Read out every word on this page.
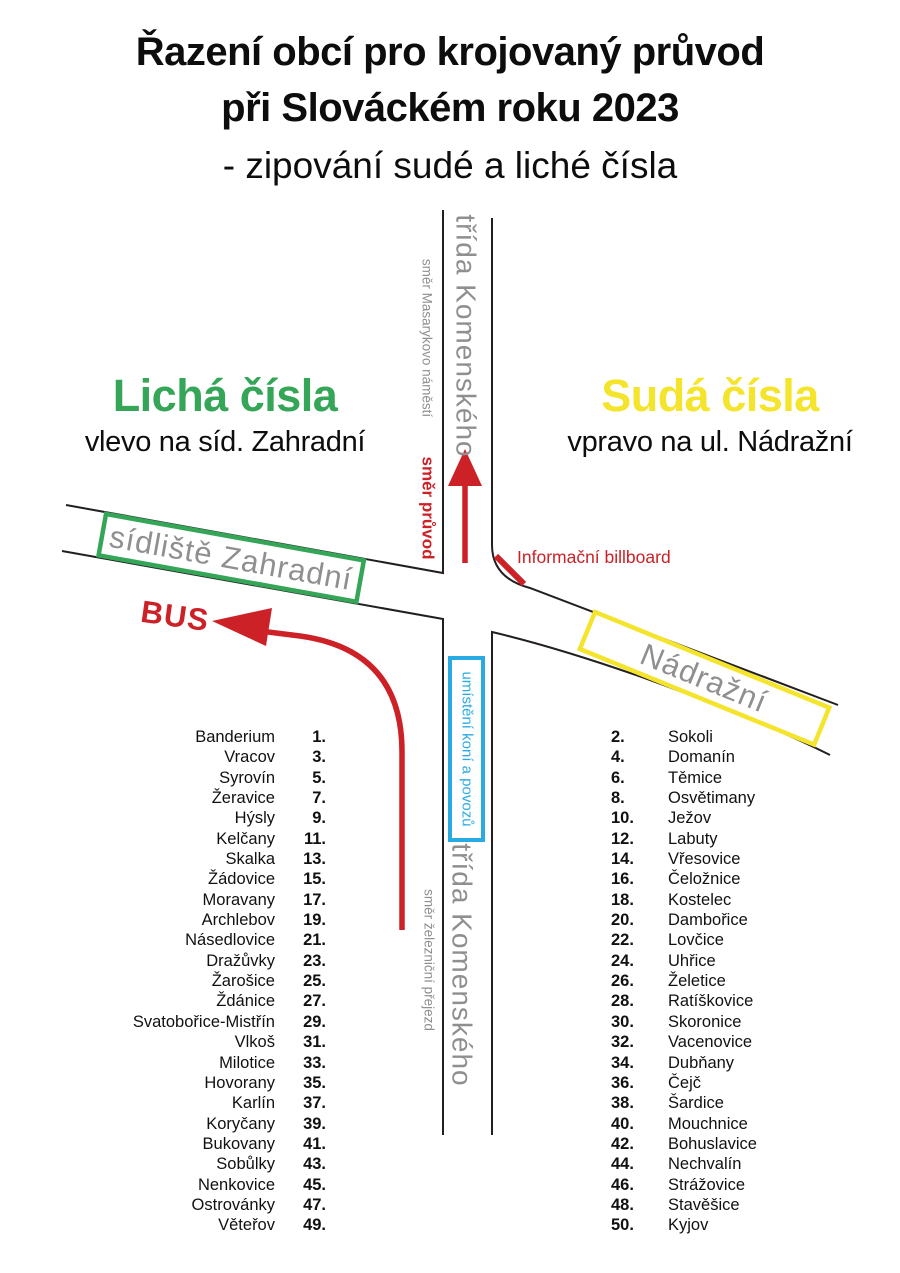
Řazení obcí pro krojovaný průvod
při Slováckém roku 2023
- zipování sudé a liché čísla
Lichá čísla
vlevo na síd. Zahradní
Sudá čísla
vpravo na ul. Nádražní
třída Komenského
směr Masarykovo náměstí
směr průvod	Informační billboard
sídliště Zahradní
BUS
Nádražní
umístění koní a povozů
třída Komenského
směr železniční přejezd
Banderium	1.
Vracov	3.
Syrovín	5.
Žeravice	7.
Hýsly	9.
Kelčany	11.
Skalka	13.
Žádovice	15.
Moravany	17.
Archlebov	19.
Násedlovice	21.
Dražůvky	23.
Žarošice	25.
Ždánice	27.
Svatobořice-Mistřín	29.
Vlkoš	31.
Milotice	33.
Hovorany	35.
Karlín	37.
Koryčany	39.
Bukovany	41.
Sobůlky	43.
Nenkovice	45.
Ostrovánky	47.
Věteřov	49.
2.	Sokoli
4.	Domanín
6.	Těmice
8.	Osvětimany
10.	Ježov
12.	Labuty
14.	Vřesovice
16.	Čeložnice
18.	Kostelec
20.	Dambořice
22.	Lovčice
24.	Uhřice
26.	Želetice
28.	Ratíškovice
30.	Skoronice
32.	Vacenovice
34.	Dubňany
36.	Čejč
38.	Šardice
40.	Mouchnice
42.	Bohuslavice
44.	Nechvalín
46.	Strážovice
48.	Stavěšice
50.	Kyjov
